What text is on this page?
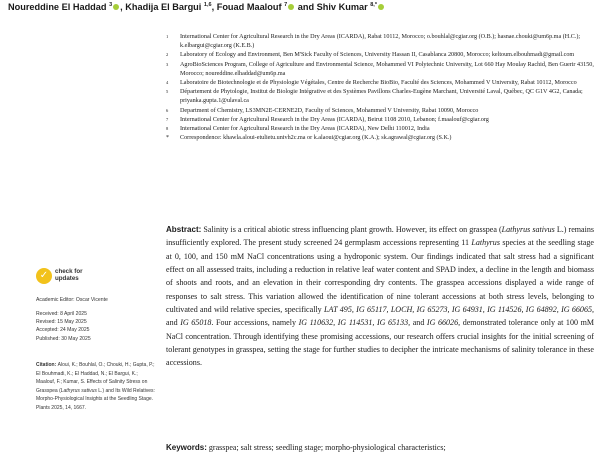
Noureddine El Haddad $^3$ , Khadija El Bargui $^{1,6}$, Fouad Maalouf $^7$ and Shiv Kumar $^{8,*}$
1 International Center for Agricultural Research in the Dry Areas (ICARDA), Rabat 10112, Morocco; o.bouhlal@cgiar.org (O.B.); hasnae.chouki@um6p.ma (H.C.); k.elbargui@cgiar.org (K.E.B.)
2 Laboratory of Ecology and Environment, Ben M'Sick Faculty of Sciences, University Hassan II, Casablanca 20800, Morocco; keltoum.elbouhmadi@gmail.com
3 AgroBioSciences Program, College of Agriculture and Environmental Science, Mohammed VI Polytechnic University, Lot 660 Hay Moulay Rachid, Ben Guerir 43150, Morocco; noureddine.elhaddad@um6p.ma
4 Laboratoire de Biotechnologie et de Physiologie Végétales, Centre de Recherche BioBio, Faculté des Sciences, Mohammed V University, Rabat 10112, Morocco
5 Département de Phytologie, Institut de Biologie Intégrative et des Systèmes Pavillons Charles-Eugène Marchant, Université Laval, Québec, QC G1V 4G2, Canada; priyanka.gupta.1@ulaval.ca
6 Department of Chemistry, LS3MN2E-CERNE2D, Faculty of Sciences, Mohammed V University, Rabat 10090, Morocco
7 International Center for Agricultural Research in the Dry Areas (ICARDA), Beirut 1108 2010, Lebanon; f.maalouf@cgiar.org
8 International Center for Agricultural Research in the Dry Areas (ICARDA), New Delhi 110012, India
* Correspondence: khawla.aloui-etulietu.univh2c.ma or k.alaoui@cgiar.org (K.A.); sk.agrawal@cgiar.org (S.K.)
✓	check for
updates

Academic Editor: Oscar Vicente

Received: 8 April 2025

Revised: 15 May 2025

Accepted: 24 May 2025

Published: 30 May 2025

Citation: Aloui, K.; Bouhlal, O.; Chouki, H.; Gupta, P.; El Bouhmadi, K.; El Haddad, N.; El Bargui, K.; Maalouf, F.; Kumar, S. Effects of Salinity Stress on Grasspea (Lathyrus sativus L.) and Its Wild Relatives: Morpho-Physiological Insights at the Seedling Stage. Plants 2025, 14, 1667.

Abstract: Salinity is a critical abiotic stress influencing plant growth. However, its effect on grasspea (Lathyrus sativus L.) remains insufficiently explored. The present study screened 24 germplasm accessions representing 11 Lathyrus species at the seedling stage at 0, 100, and 150 mM NaCl concentrations using a hydroponic system. Our findings indicated that salt stress had a significant effect on all assessed traits, including a reduction in relative leaf water content and SPAD index, a decline in the length and biomass of shoots and roots, and an elevation in their corresponding dry contents. The grasspea accessions displayed a wide range of responses to salt stress. This variation allowed the identification of nine tolerant accessions at both stress levels, belonging to cultivated and wild relative species, specifically LAT 495, IG 65117, LOCH, IG 65273, IG 64931, IG 114526, IG 64892, IG 66065, and IG 65018. Four accessions, namely IG 110632, IG 114531, IG 65133, and IG 66026, demonstrated tolerance only at 100 mM NaCl concentration. Through identifying these promising accessions, our research offers crucial insights for the initial screening of tolerant genotypes in grasspea, setting the stage for further studies to decipher the intricate mechanisms of salinity tolerance in these accessions.

Keywords: grasspea; salt stress; seedling stage; morpho-physiological characteristics;
